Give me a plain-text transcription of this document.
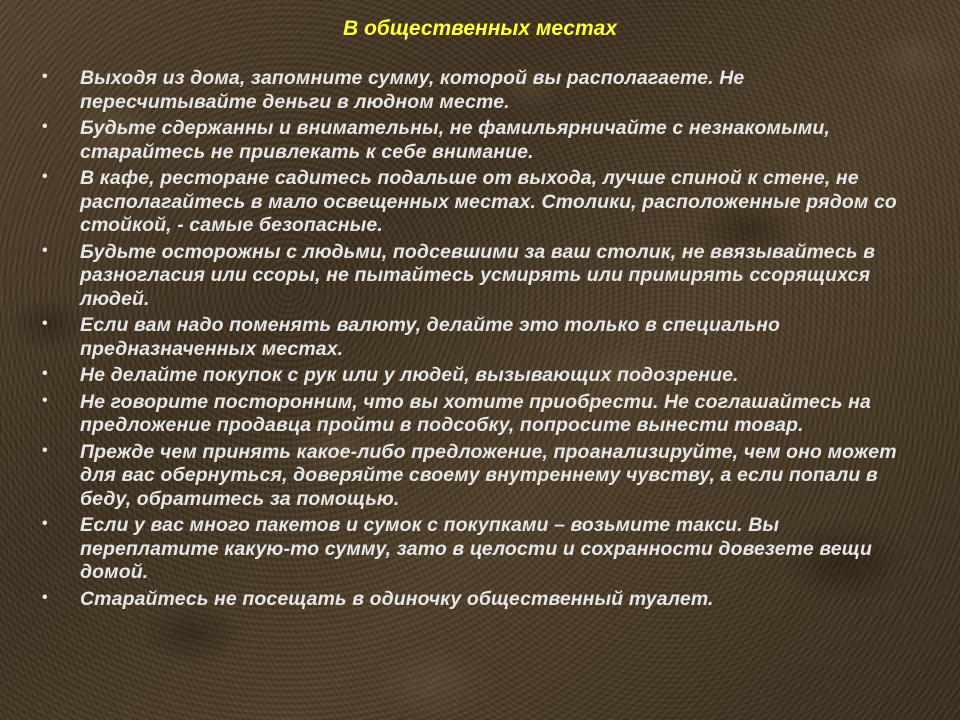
В общественных местах
• Выходя из дома, запомните сумму, которой вы располагаете. Не пересчитывайте деньги в людном месте.
• Будьте сдержанны и внимательны, не фамильярничайте с незнакомыми, старайтесь не привлекать к себе внимание.
• В кафе, ресторане садитесь подальше от выхода, лучше спиной к стене, не располагайтесь в мало освещенных местах. Столики, расположенные рядом со стойкой, - самые безопасные.
• Будьте осторожны с людьми, подсевшими за ваш столик, не ввязывайтесь в разногласия или ссоры, не пытайтесь усмирять или примирять ссорящихся людей.
• Если вам надо поменять валюту, делайте это только в специально предназначенных местах.
• Не делайте покупок с рук или у людей, вызывающих подозрение.
• Не говорите посторонним, что вы хотите приобрести. Не соглашайтесь на предложение продавца пройти в подсобку, попросите вынести товар.
• Прежде чем принять какое-либо предложение, проанализируйте, чем оно может для вас обернуться, доверяйте своему внутреннему чувству, а если попали в беду, обратитесь за помощью.
• Если у вас много пакетов и сумок с покупками – возьмите такси. Вы переплатите какую-то сумму, зато в целости и сохранности довезете вещи домой.
• Старайтесь не посещать в одиночку общественный туалет.
